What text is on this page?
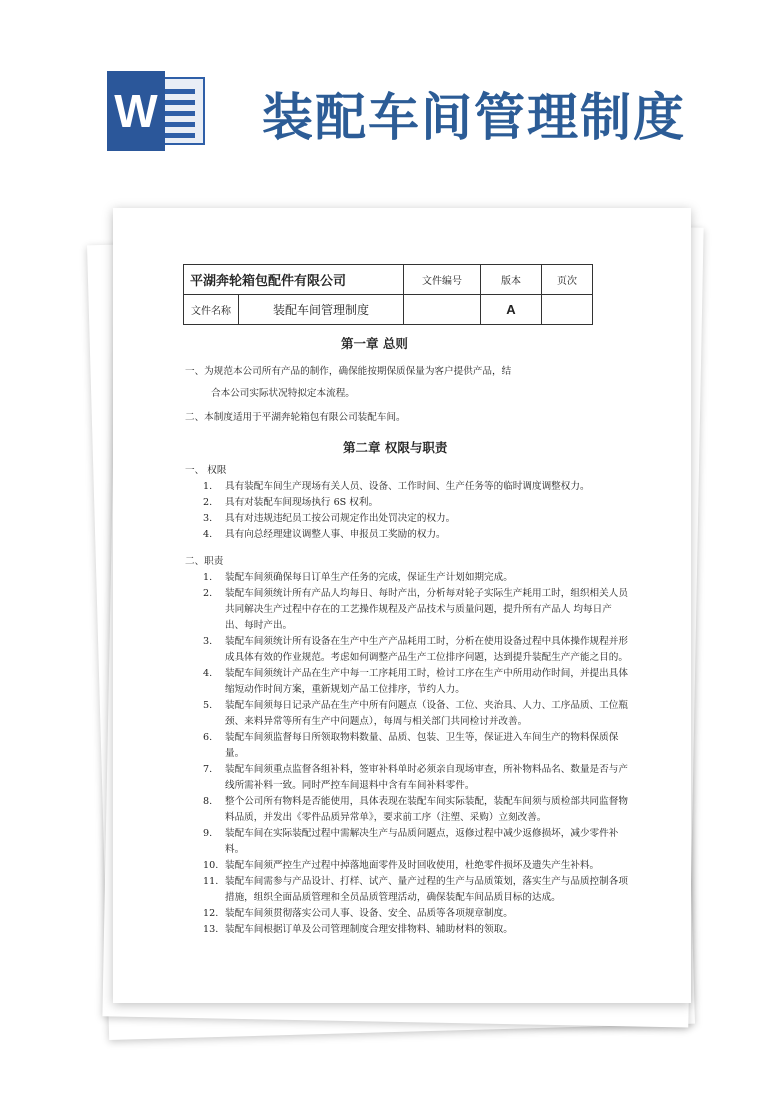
W 装配车间管理制度
平湖奔轮箱包配件有限公司		文件编号	版本	页次
文件名称	装配车间管理制度		A	
第一章 总则
一、为规范本公司所有产品的制作，确保能按期保质保量为客户提供产品，结
合本公司实际状况特拟定本流程。
二、本制度适用于平湖奔轮箱包有限公司装配车间。
第二章 权限与职责
一、 权限
1. 具有装配车间生产现场有关人员、设备、工作时间、生产任务等的临时调度调整权力。
2. 具有对装配车间现场执行 6S 权利。
3. 具有对违规违纪员工按公司规定作出处罚决定的权力。
4. 具有向总经理建议调整人事、申报员工奖励的权力。
二、职责
1. 装配车间须确保每日订单生产任务的完成，保证生产计划如期完成。
2. 装配车间须统计所有产品人均每日、每时产出，分析每对轮子实际生产耗用工时，组织相关人员共同解决生产过程中存在的工艺操作规程及产品技术与质量问题，提升所有产品人 均每日产出、每时产出。
3. 装配车间须统计所有设备在生产中生产产品耗用工时，分析在使用设备过程中具体操作规程并形成具体有效的作业规范。考虑如何调整产品生产工位排序问题，达到提升装配生产产能之目的。
4. 装配车间须统计产品在生产中每一工序耗用工时，检讨工序在生产中所用动作时间，并提出具体缩短动作时间方案，重新规划产品工位排序，节约人力。
5. 装配车间须每日记录产品在生产中所有问题点（设备、工位、夹治具、人力、工序品质、工位瓶颈、来料异常等所有生产中问题点），每周与相关部门共同检讨并改善。
6. 装配车间须监督每日所领取物料数量、品质、包装、卫生等，保证进入车间生产的物料保质保量。
7. 装配车间须重点监督各组补料，签审补料单时必须亲自现场审查，所补物料品名、数量是否与产线所需补料一致。同时严控车间退料中含有车间补料零件。
8. 整个公司所有物料是否能使用，具体表现在装配车间实际装配，装配车间须与质检部共同监督物料品质，并发出《零件品质异常单》，要求前工序（注塑、采购）立刻改善。
9. 装配车间在实际装配过程中需解决生产与品质问题点，返修过程中减少返修损坏，减少零件补料。
10. 装配车间须严控生产过程中掉落地面零件及时回收使用，杜绝零件损坏及遗失产生补料。
11. 装配车间需参与产品设计、打样、试产、量产过程的生产与品质策划，落实生产与品质控制各项措施，组织全面品质管理和全员品质管理活动，确保装配车间品质目标的达成。
12. 装配车间须贯彻落实公司人事、设备、安全、品质等各项规章制度。
13. 装配车间根据订单及公司管理制度合理安排物料、辅助材料的领取。
